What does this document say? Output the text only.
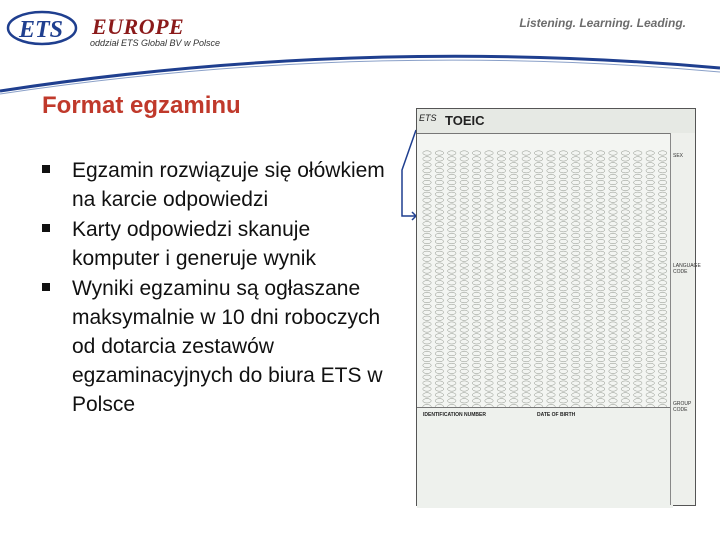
ETS EUROPE
oddział ETS Global BV w Polsce
Listening. Learning. Leading.
Format egzaminu
Egzamin rozwiązuje się ołówkiem na karcie odpowiedzi
Karty odpowiedzi skanuje komputer i generuje wynik
Wyniki egzaminu są ogłaszane maksymalnie w 10 dni roboczych od dotarcia zestawów egzaminacyjnych do biura ETS w Polsce
ETS TOEIC
IDENTIFICATION NUMBER	DATE OF BIRTH
SEX
LANGUAGE CODE
GROUP CODE
